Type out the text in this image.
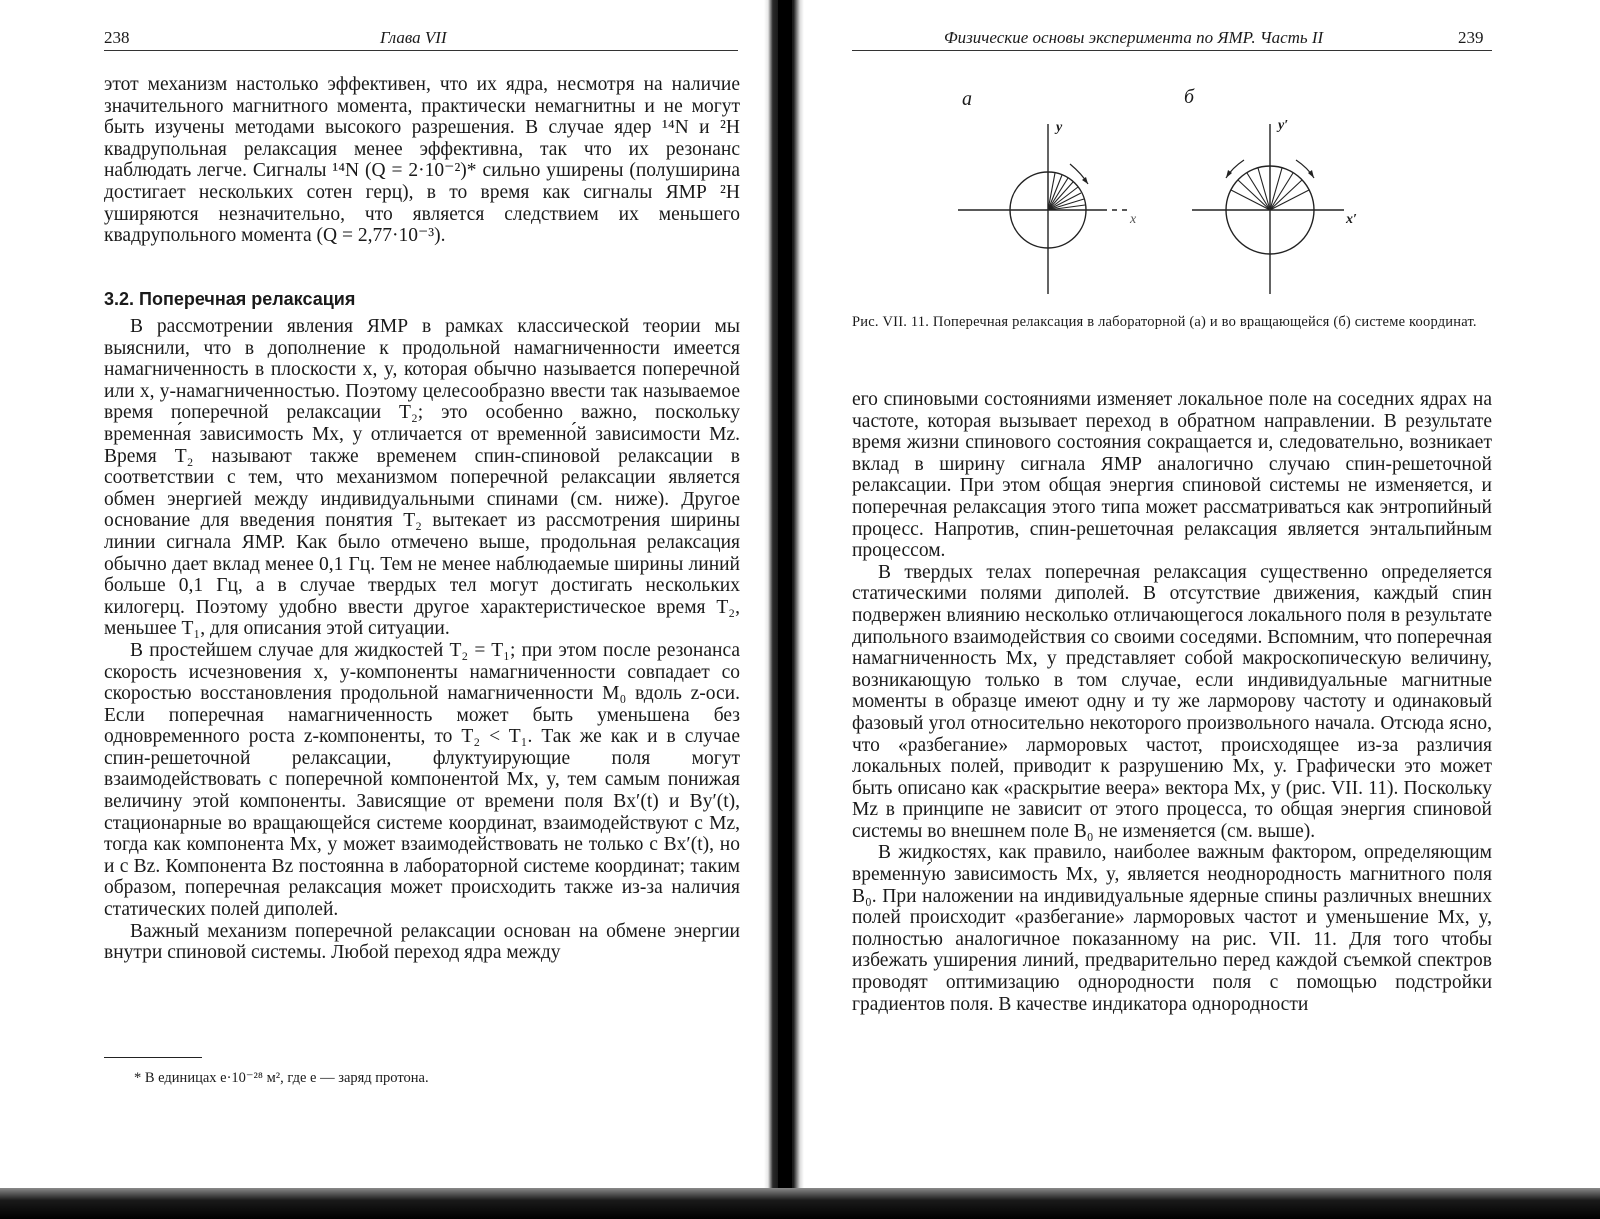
238	Глава VII

этот механизм настолько эффективен, что их ядра, несмотря на наличие значительного магнитного момента, практически немагнитны и не могут быть изучены методами высокого разрешения. В случае ядер ¹⁴N и ²H квадрупольная релаксация менее эффективна, так что их резонанс наблюдать легче. Сигналы ¹⁴N (Q = 2·10⁻²)* сильно уширены (полуширина достигает нескольких сотен герц), в то время как сигналы ЯМР ²H уширяются незначительно, что является следствием их меньшего квадрупольного момента (Q = 2,77·10⁻³).

3.2. Поперечная релаксация

В рассмотрении явления ЯМР в рамках классической теории мы выяснили, что в дополнение к продольной намагниченности имеется намагниченность в плоскости x, y, которая обычно называется поперечной или x, y-намагниченностью. Поэтому целесообразно ввести так называемое время поперечной релаксации T₂; это особенно важно, поскольку временна́я зависимость Mx, y отличается от временно́й зависимости Mz. Время T₂ называют также временем спин-спиновой релаксации в соответствии с тем, что механизмом поперечной релаксации является обмен энергией между индивидуальными спинами (см. ниже). Другое основание для введения понятия T₂ вытекает из рассмотрения ширины линии сигнала ЯМР. Как было отмечено выше, продольная релаксация обычно дает вклад менее 0,1 Гц. Тем не менее наблюдаемые ширины линий больше 0,1 Гц, а в случае твердых тел могут достигать нескольких килогерц. Поэтому удобно ввести другое характеристическое время T₂, меньшее T₁, для описания этой ситуации.

В простейшем случае для жидкостей T₂ = T₁; при этом после резонанса скорость исчезновения x, y-компоненты намагниченности совпадает со скоростью восстановления продольной намагниченности M₀ вдоль z-оси. Если поперечная намагниченность может быть уменьшена без одновременного роста z-компоненты, то T₂ < T₁. Так же как и в случае спин-решеточной релаксации, флуктуирующие поля могут взаимодействовать с поперечной компонентой Mx, y, тем самым понижая величину этой компоненты. Зависящие от времени поля Bx′(t) и By′(t), стационарные во вращающейся системе координат, взаимодействуют с Mz, тогда как компонента Mx, y может взаимодействовать не только с Bx′(t), но и с Bz. Компонента Bz постоянна в лабораторной системе координат; таким образом, поперечная релаксация может происходить также из-за наличия статических полей диполей.

Важный механизм поперечной релаксации основан на обмене энергии внутри спиновой системы. Любой переход ядра между

* В единицах e·10⁻²⁸ м², где e — заряд протона.
Физические основы эксперимента по ЯМР. Часть II	239
а	б
y
x
y′
x′
Рис. VII. 11. Поперечная релаксация в лабораторной (а) и во вращающейся (б) системе координат.

его спиновыми состояниями изменяет локальное поле на соседних ядрах на частоте, которая вызывает переход в обратном направлении. В результате время жизни спинового состояния сокращается и, следовательно, возникает вклад в ширину сигнала ЯМР аналогично случаю спин-решеточной релаксации. При этом общая энергия спиновой системы не изменяется, и поперечная релаксация этого типа может рассматриваться как энтропийный процесс. Напротив, спин-решеточная релаксация является энтальпийным процессом.

В твердых телах поперечная релаксация существенно определяется статическими полями диполей. В отсутствие движения, каждый спин подвержен влиянию несколько отличающегося локального поля в результате дипольного взаимодействия со своими соседями. Вспомним, что поперечная намагниченность Mx, y представляет собой макроскопическую величину, возникающую только в том случае, если индивидуальные магнитные моменты в образце имеют одну и ту же ларморову частоту и одинаковый фазовый угол относительно некоторого произвольного начала. Отсюда ясно, что «разбегание» ларморовых частот, происходящее из-за различия локальных полей, приводит к разрушению Mx, y. Графически это может быть описано как «раскрытие веера» вектора Mx, y (рис. VII. 11). Поскольку Mz в принципе не зависит от этого процесса, то общая энергия спиновой системы во внешнем поле B₀ не изменяется (см. выше).

В жидкостях, как правило, наиболее важным фактором, определяющим временну́ю зависимость Mx, y, является неоднородность магнитного поля B₀. При наложении на индивидуальные ядерные спины различных внешних полей происходит «разбегание» ларморовых частот и уменьшение Mx, y, полностью аналогичное показанному на рис. VII. 11. Для того чтобы избежать уширения линий, предварительно перед каждой съемкой спектров проводят оптимизацию однородности поля с помощью подстройки градиентов поля. В качестве индикатора однородности
